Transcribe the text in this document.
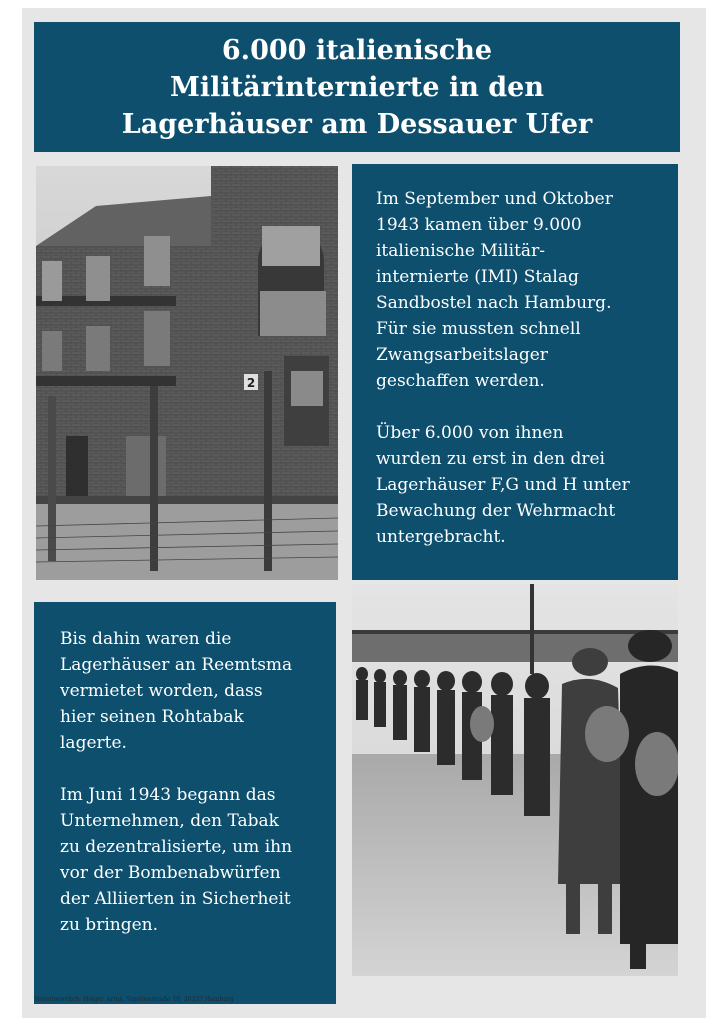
6.000 italienische
Militärinternierte in den
Lagerhäuser am Dessauer Ufer
2
Im September und Oktober
1943 kamen über 9.000
italienische Militär-
internierte (IMI) Stalag
Sandbostel nach Hamburg.
Für sie mussten schnell
Zwangsarbeitslager
geschaffen werden.
Über 6.000 von ihnen
wurden zu erst in den drei
Lagerhäuser F,G und H unter
Bewachung der Wehrmacht
untergebracht.
Bis dahin waren die
Lagerhäuser an Reemtsma
vermietet worden, dass
hier seinen Rohtabak
lagerte.
Im Juni 1943 begann das
Unternehmen, den Tabak
zu dezentralisierte, um ihn
vor der Bombenabwürfen
der Alliierten in Sicherheit
zu bringen.
Verantwortlich: Holger Artus, Sigelienstraße 10, 20357 Hamburg
